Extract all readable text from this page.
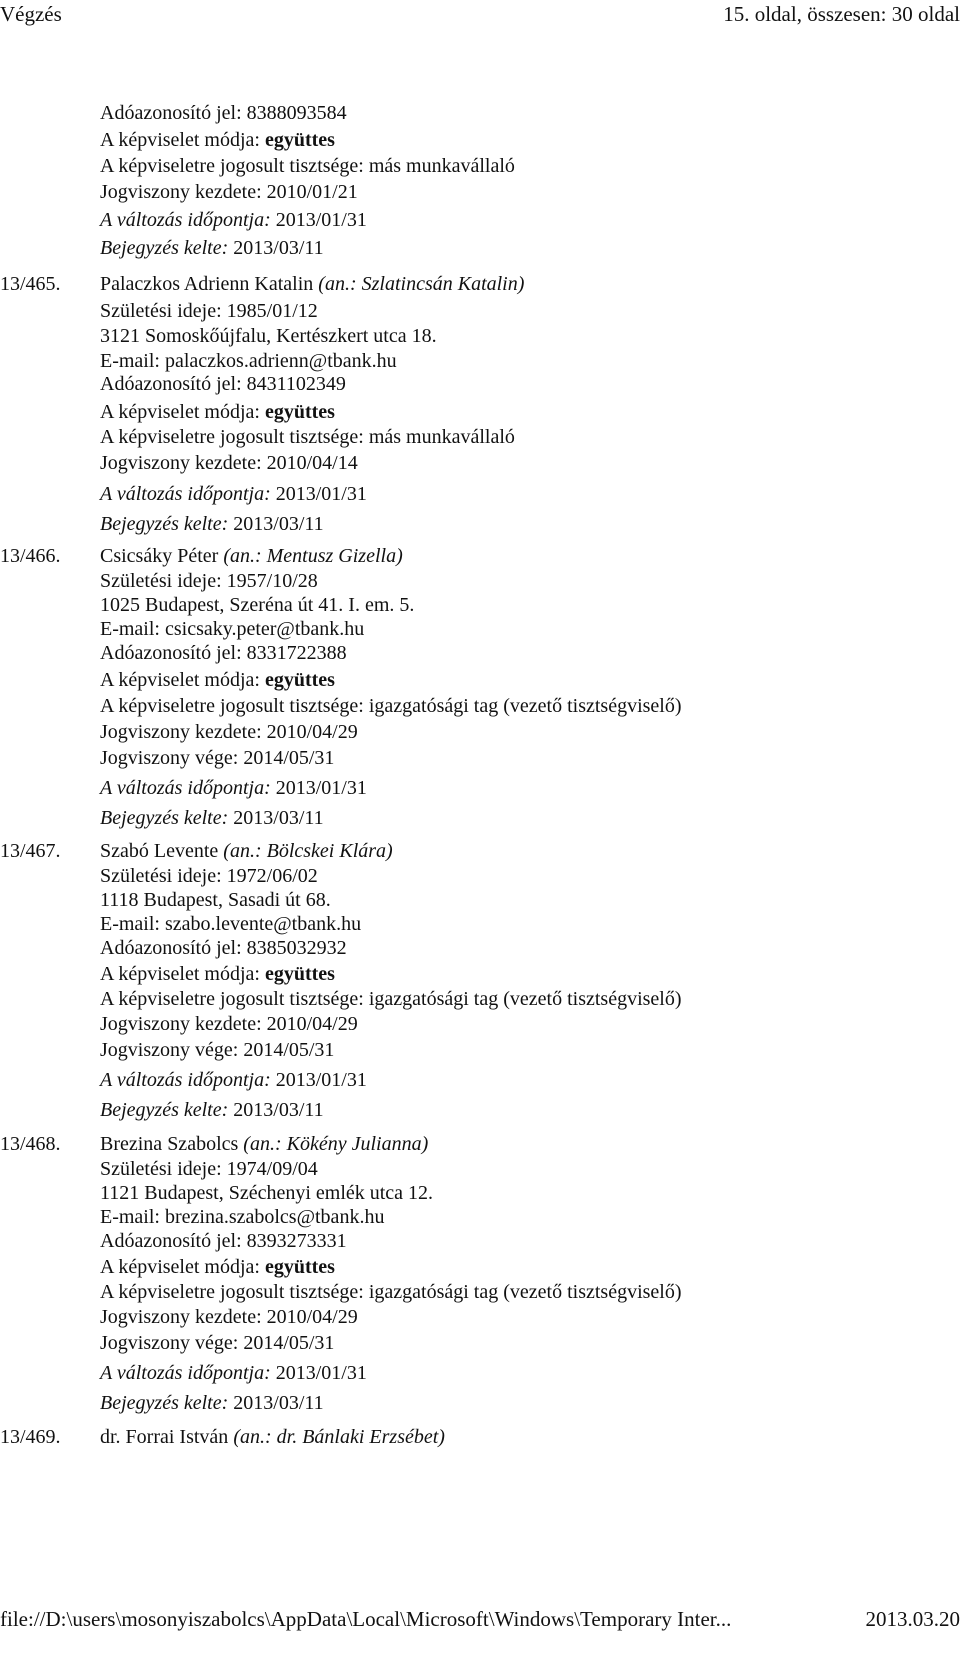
Végzés	15. oldal, összesen: 30 oldal
Adóazonosító jel: 8388093584
A képviselet módja: együttes
A képviseletre jogosult tisztsége: más munkavállaló
Jogviszony kezdete: 2010/01/21
A változás időpontja: 2013/01/31
Bejegyzés kelte: 2013/03/11
13/465. Palaczkos Adrienn Katalin (an.: Szlatincsán Katalin)
Születési ideje: 1985/01/12
3121 Somoskőújfalu, Kertészkert utca 18.
E-mail: palaczkos.adrienn@tbank.hu
Adóazonosító jel: 8431102349
A képviselet módja: együttes
A képviseletre jogosult tisztsége: más munkavállaló
Jogviszony kezdete: 2010/04/14
A változás időpontja: 2013/01/31
Bejegyzés kelte: 2013/03/11
13/466. Csicsáky Péter (an.: Mentusz Gizella)
Születési ideje: 1957/10/28
1025 Budapest, Szeréna út 41. I. em. 5.
E-mail: csicsaky.peter@tbank.hu
Adóazonosító jel: 8331722388
A képviselet módja: együttes
A képviseletre jogosult tisztsége: igazgatósági tag (vezető tisztségviselő)
Jogviszony kezdete: 2010/04/29
Jogviszony vége: 2014/05/31
A változás időpontja: 2013/01/31
Bejegyzés kelte: 2013/03/11
13/467. Szabó Levente (an.: Bölcskei Klára)
Születési ideje: 1972/06/02
1118 Budapest, Sasadi út 68.
E-mail: szabo.levente@tbank.hu
Adóazonosító jel: 8385032932
A képviselet módja: együttes
A képviseletre jogosult tisztsége: igazgatósági tag (vezető tisztségviselő)
Jogviszony kezdete: 2010/04/29
Jogviszony vége: 2014/05/31
A változás időpontja: 2013/01/31
Bejegyzés kelte: 2013/03/11
13/468. Brezina Szabolcs (an.: Kökény Julianna)
Születési ideje: 1974/09/04
1121 Budapest, Széchenyi emlék utca 12.
E-mail: brezina.szabolcs@tbank.hu
Adóazonosító jel: 8393273331
A képviselet módja: együttes
A képviseletre jogosult tisztsége: igazgatósági tag (vezető tisztségviselő)
Jogviszony kezdete: 2010/04/29
Jogviszony vége: 2014/05/31
A változás időpontja: 2013/01/31
Bejegyzés kelte: 2013/03/11
13/469. dr. Forrai István (an.: dr. Bánlaki Erzsébet)
file://D:\users\mosonyiszabolcs\AppData\Local\Microsoft\Windows\Temporary Inter...	2013.03.20
